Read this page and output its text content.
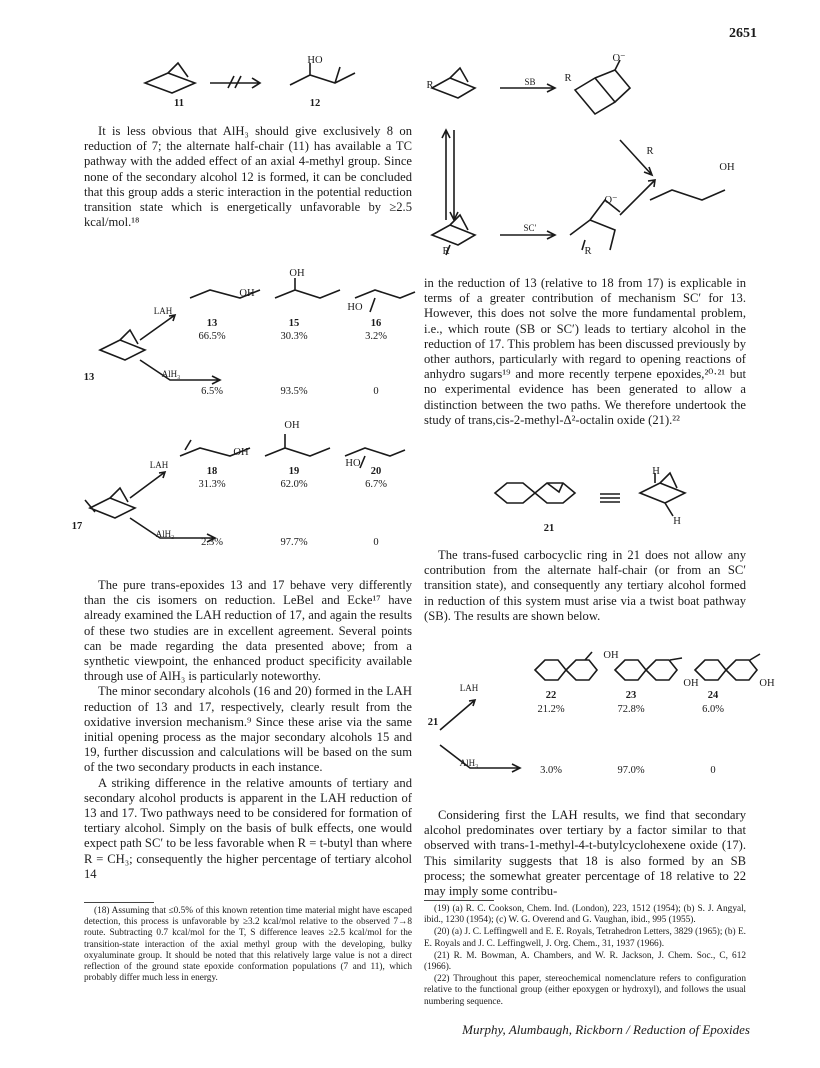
2651
11	12
HO

It is less obvious that AlH₃ should give exclusively 8 on reduction of 7; the alternate half-chair (11) has available a TC pathway with the added effect of an axial 4-methyl group. Since none of the secondary alcohol 12 is formed, it can be concluded that this group adds a steric interaction in the potential reduction transition state which is energetically unfavorable by ≥2.5 kcal/mol.¹⁸

LAH
AlH₃
13
OH
OH
HO
13	15	16
66.5%	30.3%	3.2%
6.5%	93.5%	0
LAH
AlH₃
17
OH
OH
HO
18	19	20
31.3%	62.0%	6.7%
2.3%	97.7%	0

The pure trans-epoxides 13 and 17 behave very differently than the cis isomers on reduction. LeBel and Ecke¹⁷ have already examined the LAH reduction of 17, and again the results of these two studies are in excellent agreement. Several points can be made regarding the data presented above; from a synthetic viewpoint, the enhanced product specificity available through use of AlH₃ is particularly noteworthy.

The minor secondary alcohols (16 and 20) formed in the LAH reduction of 13 and 17, respectively, clearly result from the oxidative inversion mechanism.⁹ Since these arise via the same initial opening process as the major secondary alcohols 15 and 19, further discussion and calculations will be based on the sum of the two secondary products in each instance.

A striking difference in the relative amounts of tertiary and secondary alcohol products is apparent in the LAH reduction of 13 and 17. Two pathways need to be considered for formation of tertiary alcohol. Simply on the basis of bulk effects, one would expect path SC′ to be less favorable when R = t-butyl than where R = CH₃; consequently the higher percentage of tertiary alcohol 14

(18) Assuming that ≤0.5% of this known retention time material might have escaped detection, this process is unfavorable by ≥3.2 kcal/mol relative to the observed 7→8 route. Subtracting 0.7 kcal/mol for the T, S difference leaves ≥2.5 kcal/mol for the transition-state interaction of the axial methyl group with the developing, bulky oxyaluminate group. It should be noted that this relatively large value is not a direct reflection of the ground state epoxide conformation populations (7 and 11), which probably differ much less in energy.

R	SB	R
O⁻
R
OH
R
SC′
O⁻
R

in the reduction of 13 (relative to 18 from 17) is explicable in terms of a greater contribution of mechanism SC′ for 13. However, this does not solve the more fundamental problem, i.e., which route (SB or SC′) leads to tertiary alcohol in the reduction of 17. This problem has been discussed previously by other authors, particularly with regard to opening reactions of anhydro sugars¹⁹ and more recently terpene epoxides,²⁰·²¹ but no experimental evidence has been generated to allow a distinction between the two paths. We therefore undertook the study of trans,cis-2-methyl-Δ²-octalin oxide (21).²²

21
H
H

The trans-fused carbocyclic ring in 21 does not allow any contribution from the alternate half-chair (or from an SC′ transition state), and consequently any tertiary alcohol formed in reduction of this system must arise via a twist boat pathway (SB). The results are shown below.

LAH
AlH₃
21
OH
OH	OH
22	23	24
21.2%	72.8%	6.0%
3.0%	97.0%	0

Considering first the LAH results, we find that secondary alcohol predominates over tertiary by a factor similar to that observed with trans-1-methyl-4-t-butylcyclohexene oxide (17). This similarity suggests that 18 is also formed by an SB process; the somewhat greater percentage of 18 relative to 22 may imply some contribu-

(19) (a) R. C. Cookson, Chem. Ind. (London), 223, 1512 (1954); (b) S. J. Angyal, ibid., 1230 (1954); (c) W. G. Overend and G. Vaughan, ibid., 995 (1955).

(20) (a) J. C. Leffingwell and E. E. Royals, Tetrahedron Letters, 3829 (1965); (b) E. E. Royals and J. C. Leffingwell, J. Org. Chem., 31, 1937 (1966).

(21) R. M. Bowman, A. Chambers, and W. R. Jackson, J. Chem. Soc., C, 612 (1966).

(22) Throughout this paper, stereochemical nomenclature refers to configuration relative to the functional group (either epoxygen or hydroxyl), and follows the usual numbering sequence.

Murphy, Alumbaugh, Rickborn / Reduction of Epoxides
